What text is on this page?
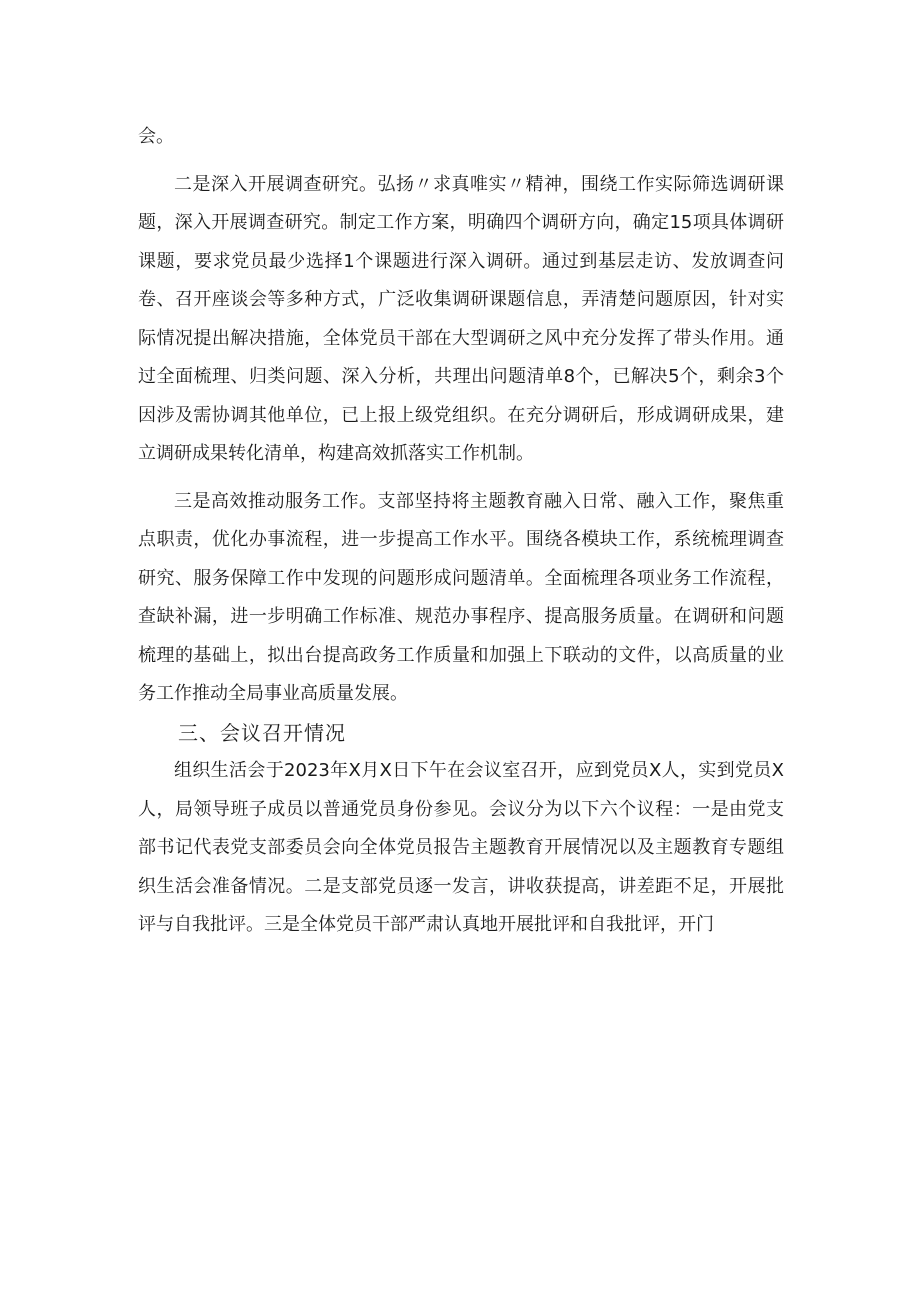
会。

二是深入开展调查研究。弘扬〃求真唯实〃精神，围绕工作实际筛选调研课题，深入开展调查研究。制定工作方案，明确四个调研方向，确定15项具体调研课题，要求党员最少选择1个课题进行深入调研。通过到基层走访、发放调查问卷、召开座谈会等多种方式，广泛收集调研课题信息，弄清楚问题原因，针对实际情况提出解决措施，全体党员干部在大型调研之风中充分发挥了带头作用。通过全面梳理、归类问题、深入分析，共理出问题清单8个，已解决5个，剩余3个因涉及需协调其他单位，已上报上级党组织。在充分调研后，形成调研成果，建立调研成果转化清单，构建高效抓落实工作机制。

三是高效推动服务工作。支部坚持将主题教育融入日常、融入工作，聚焦重点职责，优化办事流程，进一步提高工作水平。围绕各模块工作，系统梳理调查研究、服务保障工作中发现的问题形成问题清单。全面梳理各项业务工作流程，查缺补漏，进一步明确工作标准、规范办事程序、提高服务质量。在调研和问题梳理的基础上，拟出台提高政务工作质量和加强上下联动的文件，以高质量的业务工作推动全局事业高质量发展。

三、会议召开情况

组织生活会于2023年X月X日下午在会议室召开，应到党员X人，实到党员X人，局领导班子成员以普通党员身份参见。会议分为以下六个议程：一是由党支部书记代表党支部委员会向全体党员报告主题教育开展情况以及主题教育专题组织生活会准备情况。二是支部党员逐一发言，讲收获提高，讲差距不足，开展批评与自我批评。三是全体党员干部严肃认真地开展批评和自我批评，开门
